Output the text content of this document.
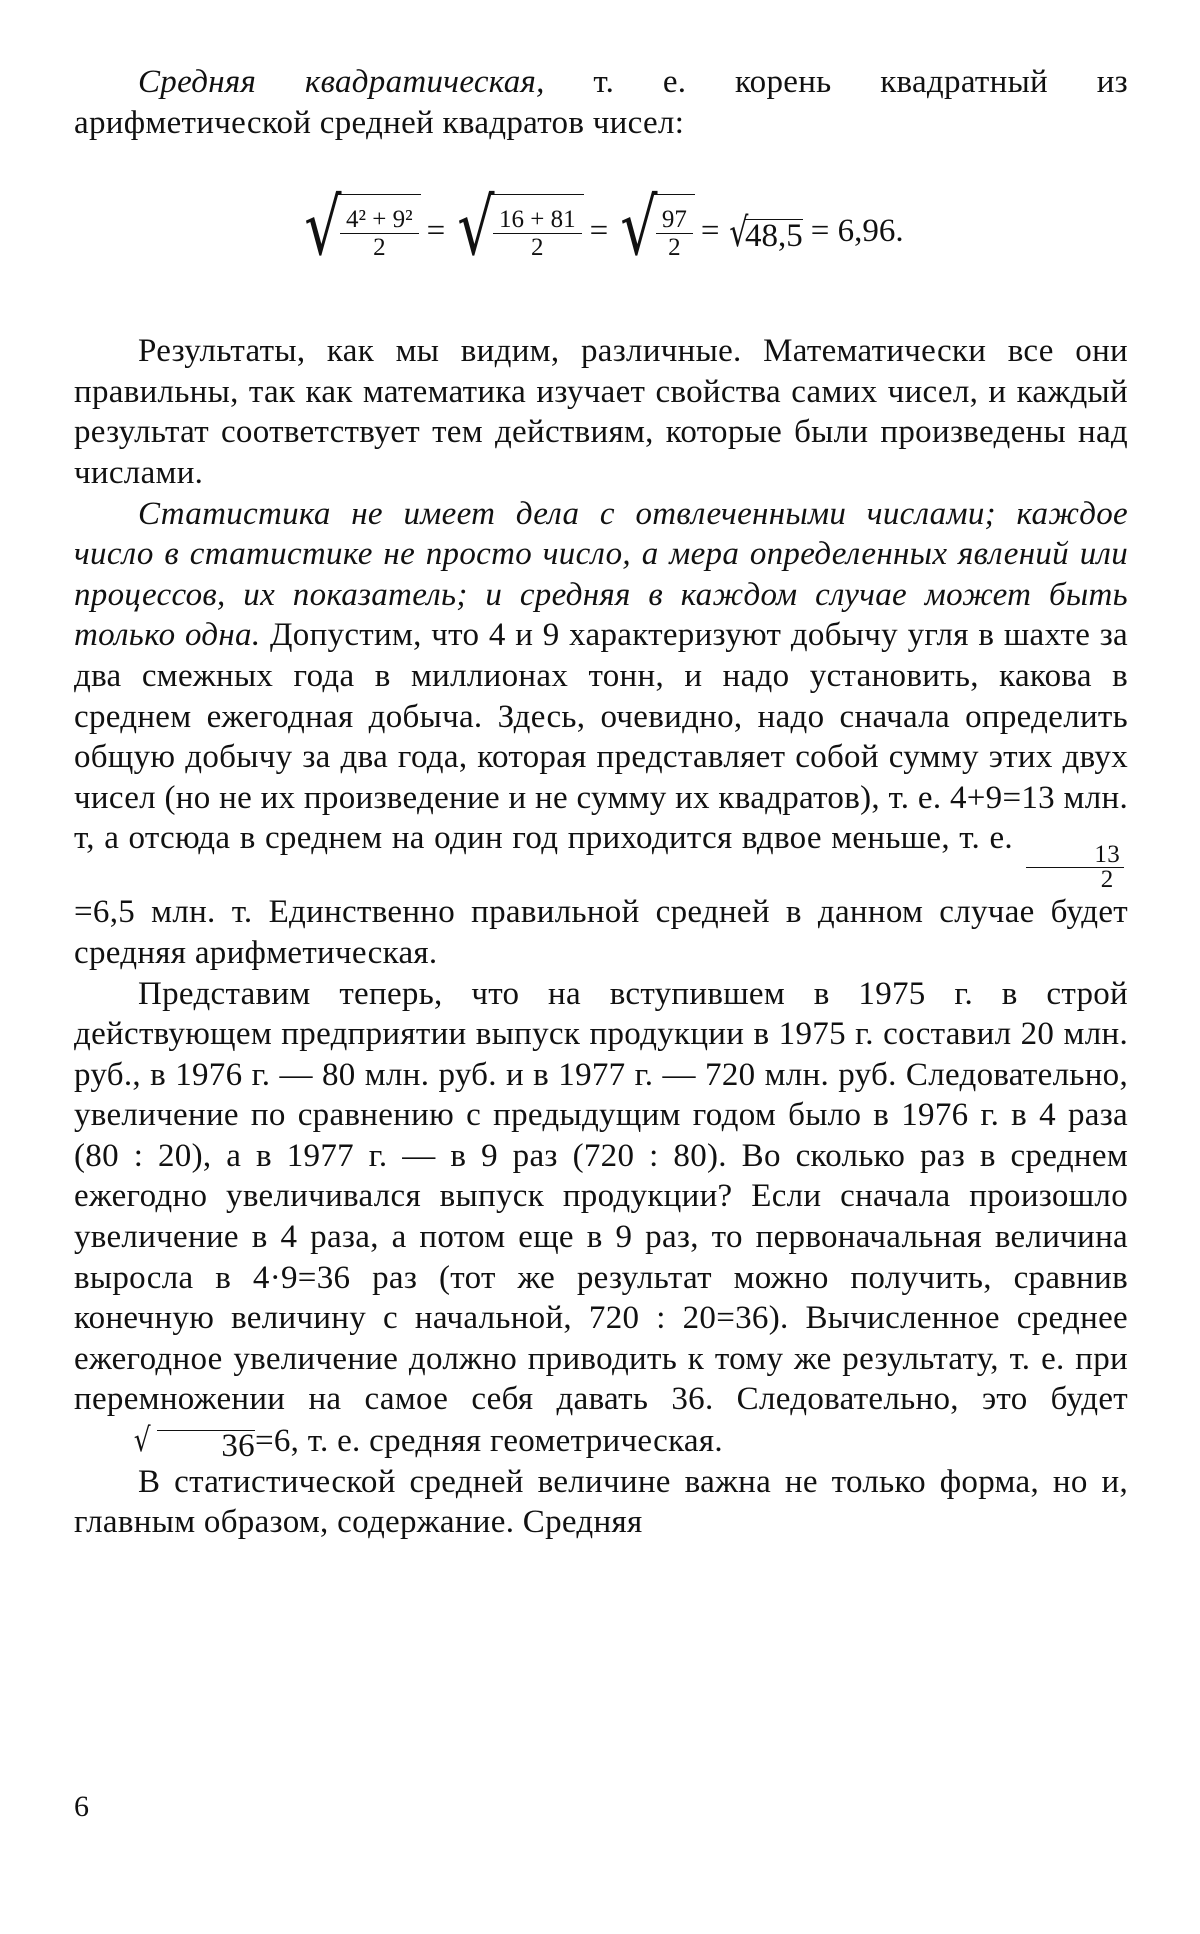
Средняя квадратическая, т. е. корень квадратный из арифметической средней квадратов чисел:

√
$\frac{\text{4² + 9²}}{2}$ = √
$\frac{16 + 81}{2}$ = √
$\frac{97}{2}$ = √
48,5 = 6,96.

Результаты, как мы видим, различные. Математически все они правильны, так как математика изучает свойства самих чисел, и каждый результат соответствует тем действиям, которые были произведены над числами.

Статистика не имеет дела с отвлеченными числами; каждое число в статистике не просто число, а мера определенных явлений или процессов, их показатель; и средняя в каждом случае может быть только одна. Допустим, что 4 и 9 характеризуют добычу угля в шахте за два смежных года в миллионах тонн, и надо установить, какова в среднем ежегодная добыча. Здесь, очевидно, надо сначала определить общую добычу за два года, которая представляет собой сумму этих двух чисел (но не их произведение и не сумму их квадратов), т. е. 4+9=13 млн. т, а отсюда в среднем на один год приходится вдвое меньше, т. е.
$\frac{13}{2}$
=6,5 млн. т. Единственно правильной средней в данном случае будет средняя арифметическая.

Представим теперь, что на вступившем в 1975 г. в строй действующем предприятии выпуск продукции в 1975 г. составил 20 млн. руб., в 1976 г. — 80 млн. руб. и в 1977 г. — 720 млн. руб. Следовательно, увеличение по сравнению с предыдущим годом было в 1976 г. в 4 раза (80 : 20), а в 1977 г. — в 9 раз (720 : 80). Во сколько раз в среднем ежегодно увеличивался выпуск продукции? Если сначала произошло увеличение в 4 раза, а потом еще в 9 раз, то первоначальная величина выросла в 4·9=36 раз (тот же результат можно получить, сравнив конечную величину с начальной, 720 : 20=36). Вычисленное среднее ежегодное увеличение должно приводить к тому же результату, т. е. при перемножении на самое себя давать 36. Следовательно, это будет
√	36 =6, т. е. средняя геометрическая.

В статистической средней величине важна не только форма, но и, главным образом, содержание. Средняя

6
